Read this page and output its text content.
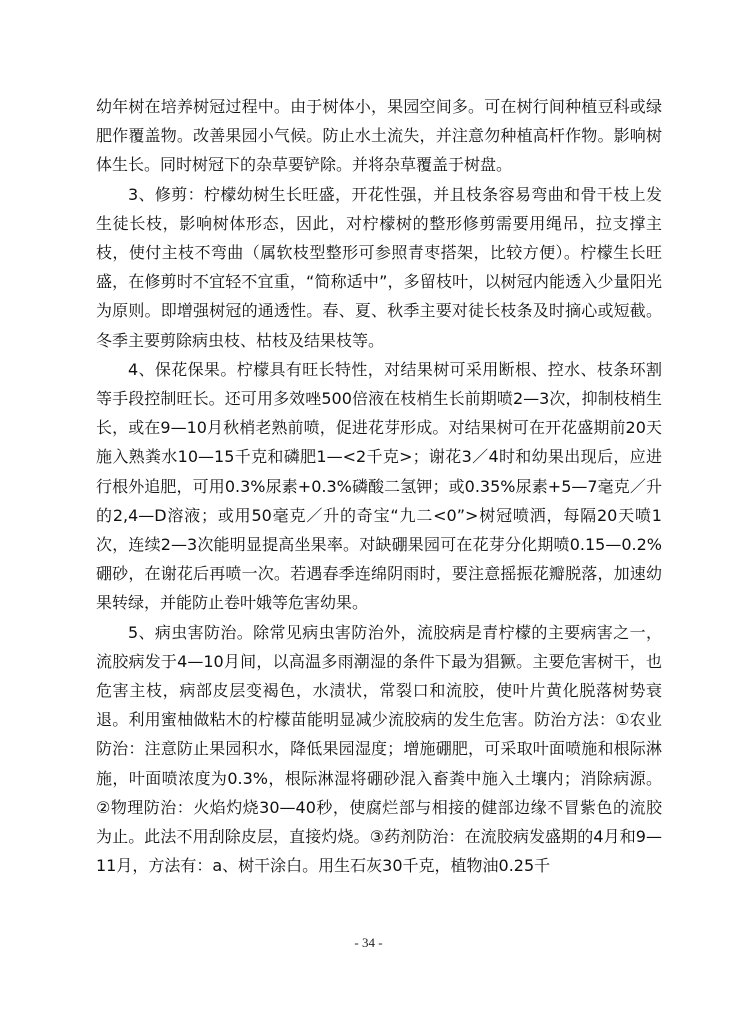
幼年树在培养树冠过程中。由于树体小，果园空间多。可在树行间种植豆科或绿肥作覆盖物。改善果园小气候。防止水土流失，并注意勿种植高杆作物。影响树体生长。同时树冠下的杂草要铲除。并将杂草覆盖于树盘。

3、修剪：柠檬幼树生长旺盛，开花性强，并且枝条容易弯曲和骨干枝上发生徒长枝，影响树体形态，因此，对柠檬树的整形修剪需要用绳吊，拉支撑主枝，使付主枝不弯曲（属软枝型整形可参照青枣搭架，比较方便）。柠檬生长旺盛，在修剪时不宜轻不宜重，“简称适中”，多留枝叶，以树冠内能透入少量阳光为原则。即增强树冠的通透性。春、夏、秋季主要对徒长枝条及时摘心或短截。冬季主要剪除病虫枝、枯枝及结果枝等。

4、保花保果。柠檬具有旺长特性，对结果树可采用断根、控水、枝条环割等手段控制旺长。还可用多效唑500倍液在枝梢生长前期喷2—3次，抑制枝梢生长，或在9—10月秋梢老熟前喷，促进花芽形成。对结果树可在开花盛期前20天施入熟粪水10—15千克和磷肥1—<2千克>；谢花3／4时和幼果出现后，应进行根外追肥，可用0.3%尿素+0.3%磷酸二氢钾；或0.35%尿素+5—7毫克／升的2,4—D溶液；或用50毫克／升的奇宝“九二<0”>树冠喷洒，每隔20天喷1次，连续2—3次能明显提高坐果率。对缺硼果园可在花芽分化期喷0.15—0.2%硼砂，在谢花后再喷一次。若遇春季连绵阴雨时，要注意摇振花瓣脱落，加速幼果转绿，并能防止卷叶娥等危害幼果。

5、病虫害防治。除常见病虫害防治外，流胶病是青柠檬的主要病害之一，流胶病发于4—10月间，以高温多雨潮湿的条件下最为猖獗。主要危害树干，也危害主枝，病部皮层变褐色，水渍状，常裂口和流胶，使叶片黄化脱落树势衰退。利用蜜柚做粘木的柠檬苗能明显减少流胶病的发生危害。防治方法：①农业防治：注意防止果园积水，降低果园湿度；增施硼肥，可采取叶面喷施和根际淋施，叶面喷浓度为0.3%，根际淋湿将硼砂混入畜粪中施入土壤内；消除病源。②物理防治：火焰灼烧30—40秒，使腐烂部与相接的健部边缘不冒紫色的流胶为止。此法不用刮除皮层，直接灼烧。③药剂防治：在流胶病发盛期的4月和9—11月，方法有：a、树干涂白。用生石灰30千克，植物油0.25千

- 34 -
